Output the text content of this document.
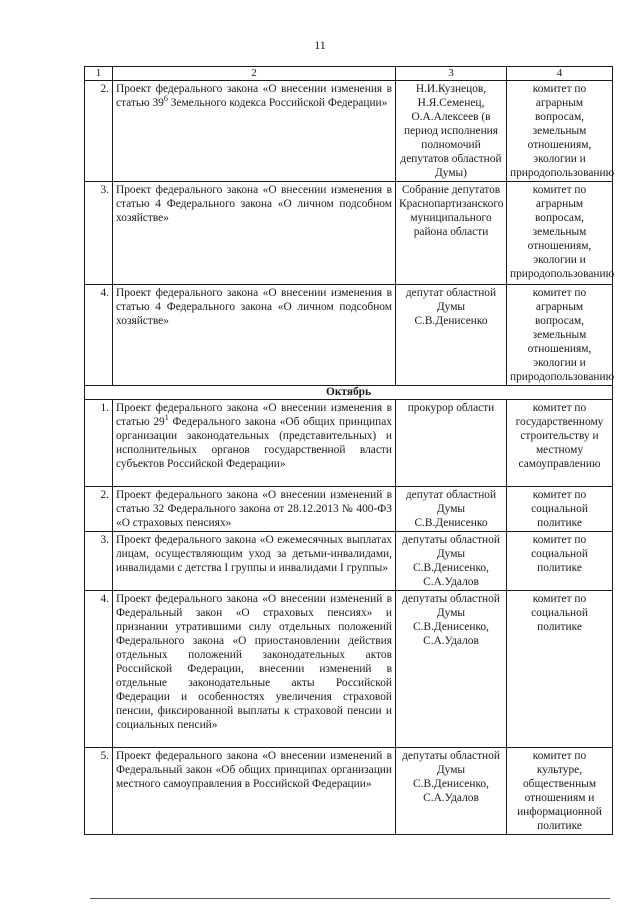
11
1	2	3	4
2.	Проект федерального закона «О внесении изменения в статью $39^6$ Земельного кодекса Российской Федерации»	Н.И.Кузнецов, Н.Я.Семенец, О.А.Алексеев (в период исполнения полномочий депутатов областной Думы)	комитет по аграрным вопросам, земельным отношениям, экологии и природопользованию
3.	Проект федерального закона «О внесении изменения в статью 4 Федерального закона «О личном подсобном хозяйстве»	Собрание депутатов Краснопартизанского муниципального района области	комитет по аграрным вопросам, земельным отношениям, экологии и природопользованию
4.	Проект федерального закона «О внесении изменения в статью 4 Федерального закона «О личном подсобном хозяйстве»	депутат областной Думы С.В.Денисенко	комитет по аграрным вопросам, земельным отношениям, экологии и природопользованию
Октябрь			
1.	Проект федерального закона «О внесении изменения в статью $29^1$ Федерального закона «Об общих принципах организации законодательных (представительных) и исполнительных органов государственной власти субъектов Российской Федерации»	прокурор области	комитет по государственному строительству и местному самоуправлению
2.	Проект федерального закона «О внесении изменений в статью 32 Федерального закона от 28.12.2013 № 400-ФЗ «О страховых пенсиях»	депутат областной Думы С.В.Денисенко	комитет по социальной политике
3.	Проект федерального закона «О ежемесячных выплатах лицам, осуществляющим уход за детьми-инвалидами, инвалидами с детства I группы и инвалидами I группы»	депутаты областной Думы С.В.Денисенко, С.А.Удалов	комитет по социальной политике
4.	Проект федерального закона «О внесении изменений в Федеральный закон «О страховых пенсиях» и признании утратившими силу отдельных положений Федерального закона «О приостановлении действия отдельных положений законодательных актов Российской Федерации, внесении изменений в отдельные законодательные акты Российской Федерации и особенностях увеличения страховой пенсии, фиксированной выплаты к страховой пенсии и социальных пенсий»	депутаты областной Думы С.В.Денисенко, С.А.Удалов	комитет по социальной политике
5.	Проект федерального закона «О внесении изменений в Федеральный закон «Об общих принципах организации местного самоуправления в Российской Федерации»	депутаты областной Думы С.В.Денисенко, С.А.Удалов	комитет по культуре, общественным отношениям и информационной политике
